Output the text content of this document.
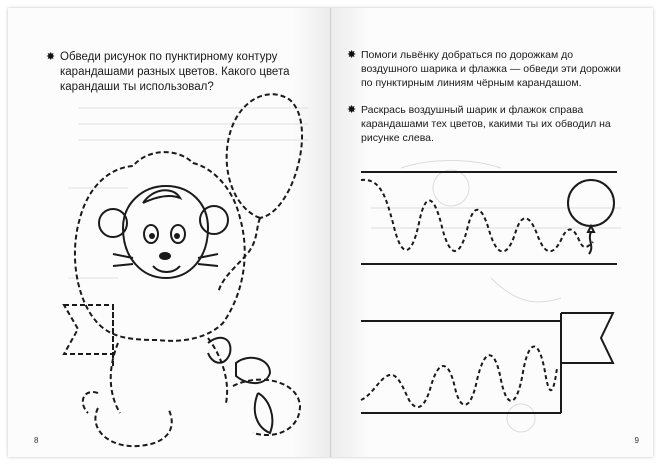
✸ Обведи рисунок по пунктирному контуру карандашами разных цветов. Какого цвета карандаши ты использовал?
8
✸ Помоги львёнку добраться по дорожкам до воздушного шарика и флажка — обведи эти дорожки по пунктирным линиям чёрным карандашом.
✸ Раскрась воздушный шарик и флажок справа карандашами тех цветов, какими ты их обводил на рисунке слева.
9
